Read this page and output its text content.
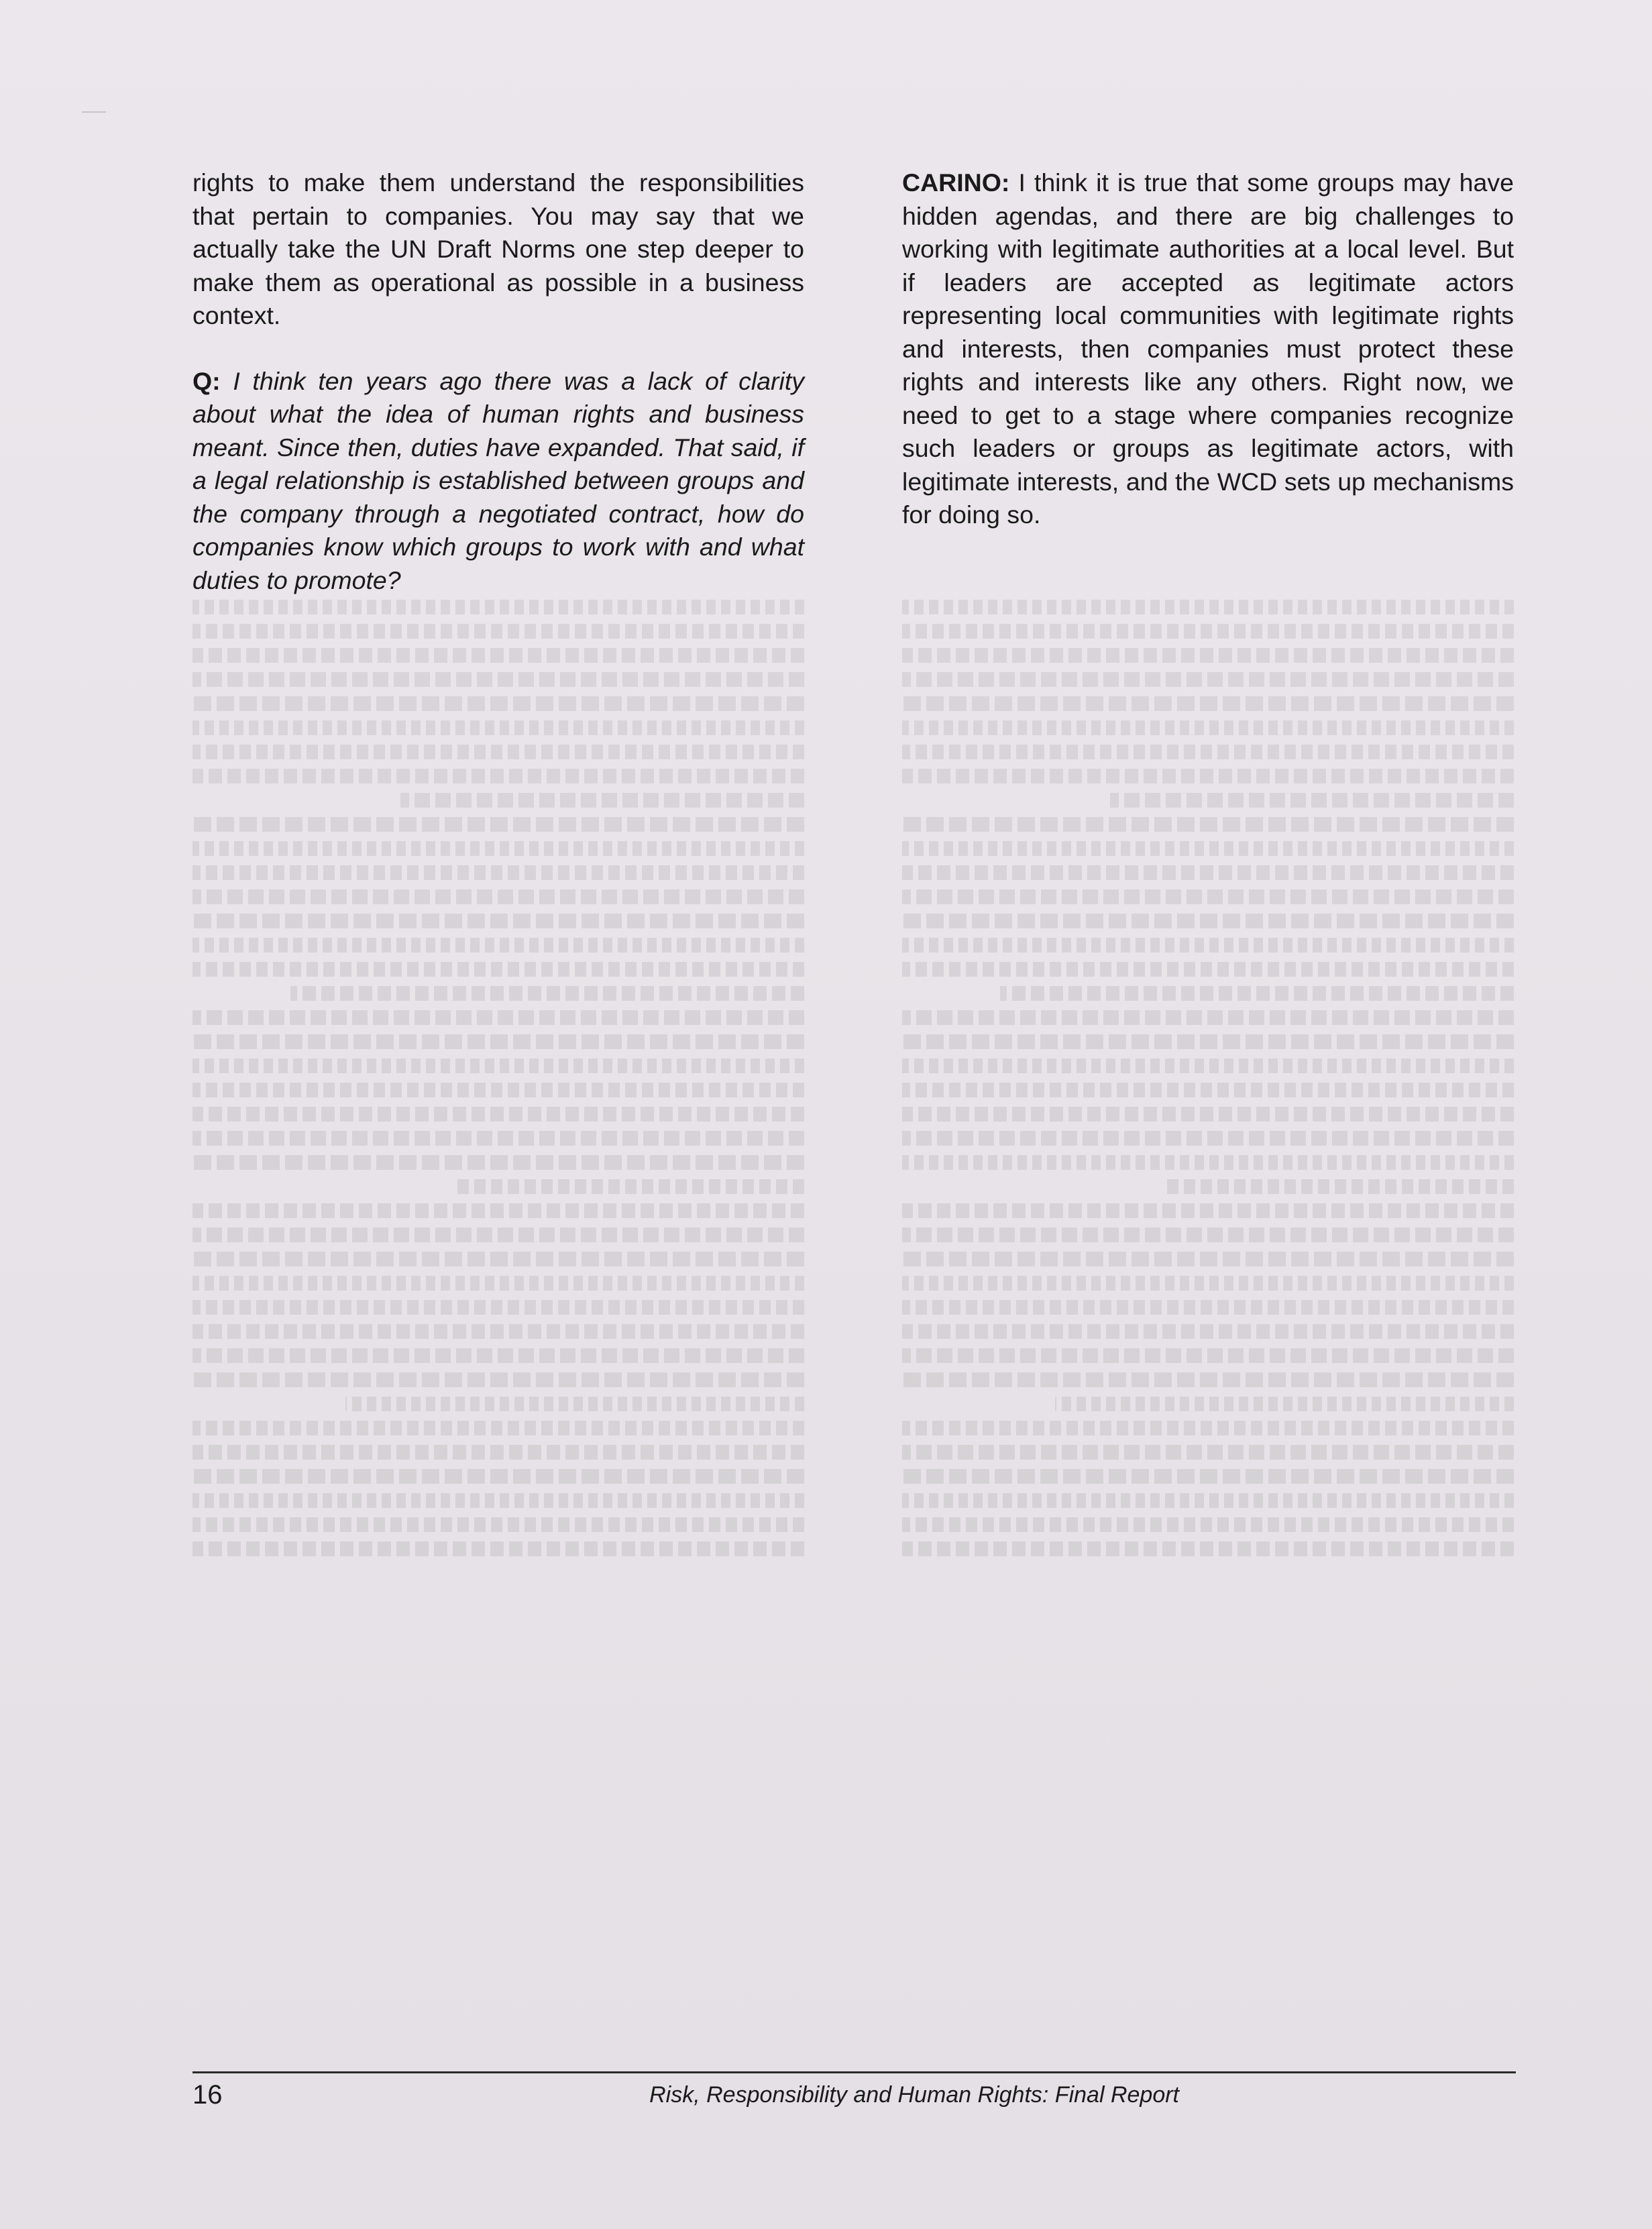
rights to make them understand the responsibilities that pertain to companies. You may say that we actually take the UN Draft Norms one step deeper to make them as operational as possible in a business context.

Q: I think ten years ago there was a lack of clarity about what the idea of human rights and business meant. Since then, duties have expanded. That said, if a legal relationship is established between groups and the company through a negotiated contract, how do companies know which groups to work with and what duties to promote?

CARINO: I think it is true that some groups may have hidden agendas, and there are big challenges to working with legitimate authorities at a local level. But if leaders are accepted as legitimate actors representing local communities with legitimate rights and interests, then companies must protect these rights and interests like any others. Right now, we need to get to a stage where companies recognize such leaders or groups as legitimate actors, with legitimate interests, and the WCD sets up mechanisms for doing so.

16	Risk, Responsibility and Human Rights: Final Report
